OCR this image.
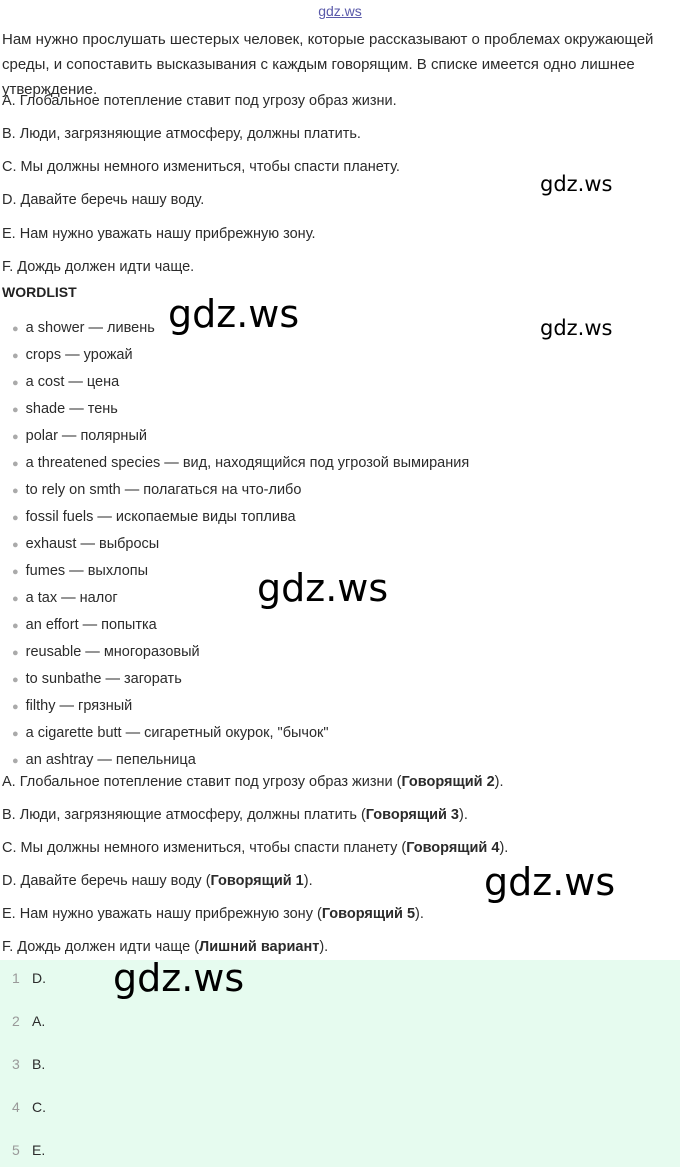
gdz.ws

Нам нужно прослушать шестерых человек, которые рассказывают о проблемах окружающей среды, и сопоставить высказывания с каждым говорящим. В списке имеется одно лишнее утверждение.

A. Глобальное потепление ставит под угрозу образ жизни.
B. Люди, загрязняющие атмосферу, должны платить.
C. Мы должны немного измениться, чтобы спасти планету.
D. Давайте беречь нашу воду.
E. Нам нужно уважать нашу прибрежную зону.
F. Дождь должен идти чаще.
WORDLIST
● a shower — ливень
● crops — урожай
● a cost — цена
● shade — тень
● polar — полярный
● a threatened species — вид, находящийся под угрозой вымирания
● to rely on smth — полагаться на что-либо
● fossil fuels — ископаемые виды топлива
● exhaust — выбросы
● fumes — выхлопы
● a tax — налог
● an effort — попытка
● reusable — многоразовый
● to sunbathe — загорать
● filthy — грязный
● a cigarette butt — сигаретный окурок, "бычок"
● an ashtray — пепельница
A. Глобальное потепление ставит под угрозу образ жизни (Говорящий 2).
B. Люди, загрязняющие атмосферу, должны платить (Говорящий 3).
C. Мы должны немного измениться, чтобы спасти планету (Говорящий 4).
D. Давайте беречь нашу воду (Говорящий 1).
E. Нам нужно уважать нашу прибрежную зону (Говорящий 5).
F. Дождь должен идти чаще (Лишний вариант).
1 D.
2 A.
3 B.
4 C.
5 E.
gdz.ws
gdz.ws	gdz.ws
gdz.ws
gdz.ws
gdz.ws
